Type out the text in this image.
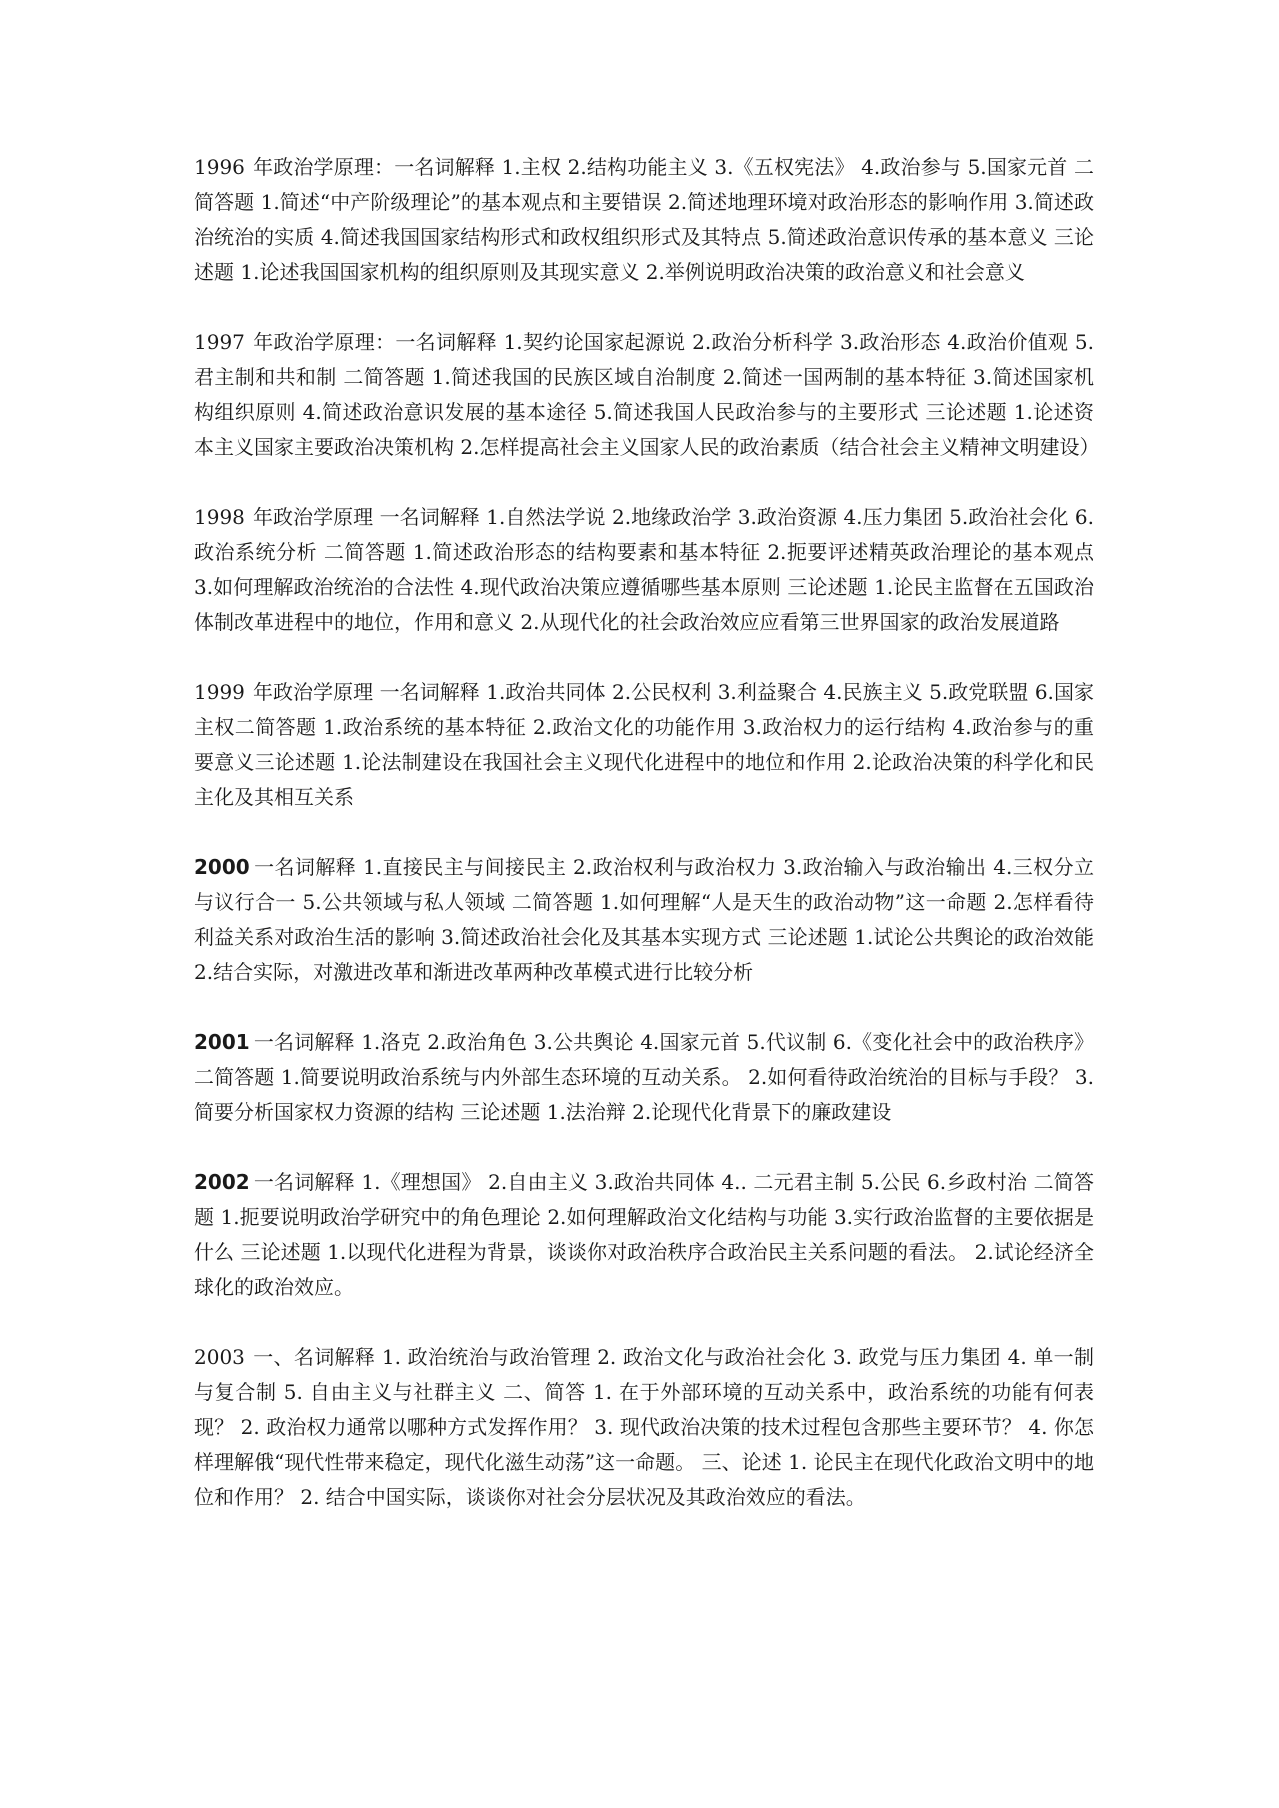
1996 年政治学原理：一名词解释 1.主权 2.结构功能主义 3.《五权宪法》 4.政治参与 5.国家元首 二简答题 1.简述“中产阶级理论”的基本观点和主要错误 2.简述地理环境对政治形态的影响作用 3.简述政治统治的实质 4.简述我国国家结构形式和政权组织形式及其特点 5.简述政治意识传承的基本意义 三论述题 1.论述我国国家机构的组织原则及其现实意义 2.举例说明政治决策的政治意义和社会意义

1997 年政治学原理：一名词解释 1.契约论国家起源说 2.政治分析科学 3.政治形态 4.政治价值观 5.君主制和共和制 二简答题 1.简述我国的民族区域自治制度 2.简述一国两制的基本特征 3.简述国家机构组织原则 4.简述政治意识发展的基本途径 5.简述我国人民政治参与的主要形式 三论述题 1.论述资本主义国家主要政治决策机构 2.怎样提高社会主义国家人民的政治素质（结合社会主义精神文明建设）

1998 年政治学原理 一名词解释 1.自然法学说 2.地缘政治学 3.政治资源 4.压力集团 5.政治社会化 6.政治系统分析 二简答题 1.简述政治形态的结构要素和基本特征 2.扼要评述精英政治理论的基本观点 3.如何理解政治统治的合法性 4.现代政治决策应遵循哪些基本原则 三论述题 1.论民主监督在五国政治体制改革进程中的地位，作用和意义 2.从现代化的社会政治效应应看第三世界国家的政治发展道路

1999 年政治学原理 一名词解释 1.政治共同体 2.公民权利 3.利益聚合 4.民族主义 5.政党联盟 6.国家主权二简答题 1.政治系统的基本特征 2.政治文化的功能作用 3.政治权力的运行结构 4.政治参与的重要意义三论述题 1.论法制建设在我国社会主义现代化进程中的地位和作用 2.论政治决策的科学化和民主化及其相互关系

2000 一名词解释 1.直接民主与间接民主 2.政治权利与政治权力 3.政治输入与政治输出 4.三权分立与议行合一 5.公共领域与私人领域 二简答题 1.如何理解“人是天生的政治动物”这一命题 2.怎样看待利益关系对政治生活的影响 3.简述政治社会化及其基本实现方式 三论述题 1.试论公共舆论的政治效能 2.结合实际，对激进改革和渐进改革两种改革模式进行比较分析

2001 一名词解释 1.洛克 2.政治角色 3.公共舆论 4.国家元首 5.代议制 6.《变化社会中的政治秩序》 二简答题 1.简要说明政治系统与内外部生态环境的互动关系。 2.如何看待政治统治的目标与手段？ 3.简要分析国家权力资源的结构 三论述题 1.法治辩 2.论现代化背景下的廉政建设

2002 一名词解释 1.《理想国》 2.自由主义 3.政治共同体 4.. 二元君主制 5.公民 6.乡政村治 二简答题 1.扼要说明政治学研究中的角色理论 2.如何理解政治文化结构与功能 3.实行政治监督的主要依据是什么 三论述题 1.以现代化进程为背景，谈谈你对政治秩序合政治民主关系问题的看法。 2.试论经济全球化的政治效应。

2003 一、名词解释 1. 政治统治与政治管理 2. 政治文化与政治社会化 3. 政党与压力集团 4. 单一制与复合制 5. 自由主义与社群主义 二、简答 1. 在于外部环境的互动关系中，政治系统的功能有何表现？ 2. 政治权力通常以哪种方式发挥作用？ 3. 现代政治决策的技术过程包含那些主要环节？ 4. 你怎样理解俄“现代性带来稳定，现代化滋生动荡”这一命题。 三、论述 1. 论民主在现代化政治文明中的地位和作用？ 2. 结合中国实际，谈谈你对社会分层状况及其政治效应的看法。
